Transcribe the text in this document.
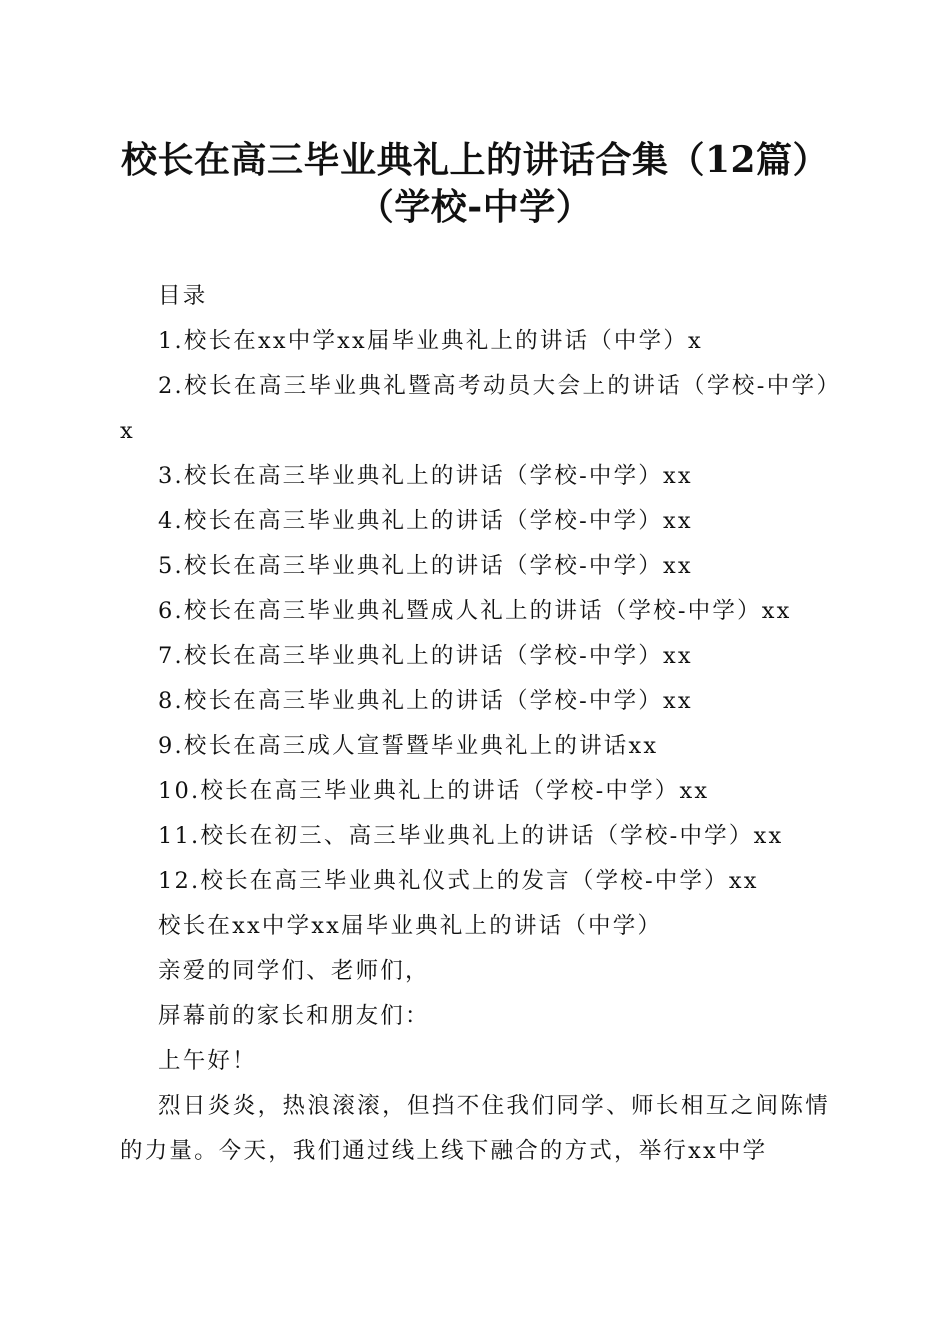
校长在高三毕业典礼上的讲话合集（12篇）
（学校-中学）

目录

1.校长在xx中学xx届毕业典礼上的讲话（中学）x

2.校长在高三毕业典礼暨高考动员大会上的讲话（学校-中学）x

3.校长在高三毕业典礼上的讲话（学校-中学）xx

4.校长在高三毕业典礼上的讲话（学校-中学）xx

5.校长在高三毕业典礼上的讲话（学校-中学）xx

6.校长在高三毕业典礼暨成人礼上的讲话（学校-中学）xx

7.校长在高三毕业典礼上的讲话（学校-中学）xx

8.校长在高三毕业典礼上的讲话（学校-中学）xx

9.校长在高三成人宣誓暨毕业典礼上的讲话xx

10.校长在高三毕业典礼上的讲话（学校-中学）xx

11.校长在初三、高三毕业典礼上的讲话（学校-中学）xx

12.校长在高三毕业典礼仪式上的发言（学校-中学）xx

校长在xx中学xx届毕业典礼上的讲话（中学）

亲爱的同学们、老师们，

屏幕前的家长和朋友们：

上午好！

烈日炎炎，热浪滚滚，但挡不住我们同学、师长相互之间陈情的力量。今天，我们通过线上线下融合的方式，举行xx中学
